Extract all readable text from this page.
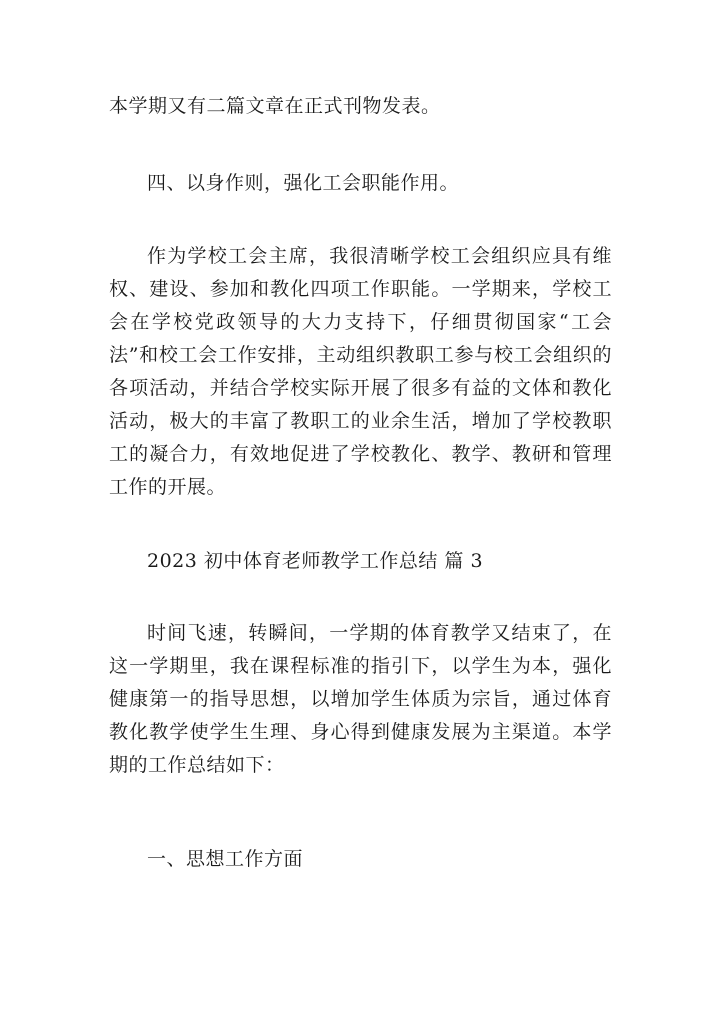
本学期又有二篇文章在正式刊物发表。

四、以身作则，强化工会职能作用。

作为学校工会主席，我很清晰学校工会组织应具有维权、建设、参加和教化四项工作职能。一学期来，学校工会在学校党政领导的大力支持下，仔细贯彻国家“工会法”和校工会工作安排，主动组织教职工参与校工会组织的各项活动，并结合学校实际开展了很多有益的文体和教化活动，极大的丰富了教职工的业余生活，增加了学校教职工的凝合力，有效地促进了学校教化、教学、教研和管理工作的开展。

2023 初中体育老师教学工作总结 篇 3

时间飞速，转瞬间，一学期的体育教学又结束了，在这一学期里，我在课程标准的指引下，以学生为本，强化健康第一的指导思想，以增加学生体质为宗旨，通过体育教化教学使学生生理、身心得到健康发展为主渠道。本学期的工作总结如下：

一、思想工作方面
